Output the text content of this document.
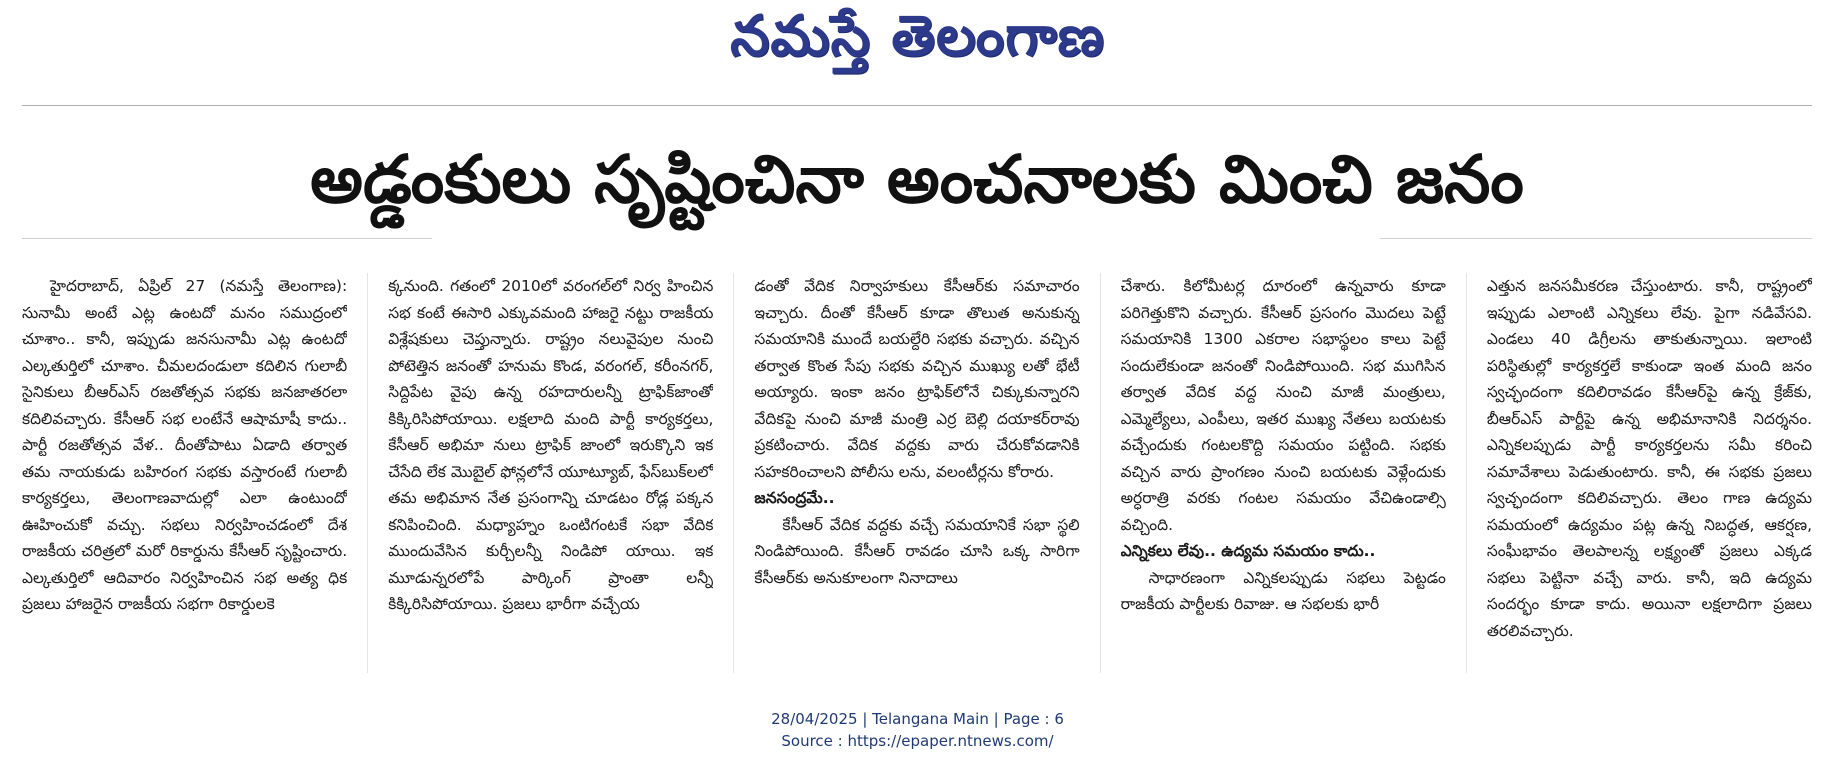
నమస్తే తెలంగాణ
అడ్డంకులు సృష్టించినా అంచనాలకు మించి జనం

హైదరాబాద్‌, ఏప్రిల్‌ 27 (నమస్తే తెలంగాణ): సునామీ అంటే ఎట్ల ఉంటదో మనం సముద్రంలో చూశాం.. కానీ, ఇప్పుడు జనసునామీ ఎట్ల ఉంటదో ఎల్కతుర్తిలో చూశాం. చీమలదండులా కదిలిన గులాబీ సైనికులు బీఆర్‌ఎస్‌ రజతోత్సవ సభకు జనజాతరలా కదిలివచ్చారు. కేసీఆర్‌ సభ లంటేనే ఆషామాషీ కాదు.. పార్టీ రజతోత్సవ వేళ.. దీంతోపాటు ఏడాది తర్వాత తమ నాయకుడు బహిరంగ సభకు వస్తారంటే గులాబీ కార్యకర్తలు, తెలంగాణవాదుల్లో ఎలా ఉంటుందో ఊహించుకో వచ్చు. సభలు నిర్వహించడంలో దేశ రాజకీయ చరిత్రలో మరో రికార్డును కేసీఆర్‌ సృష్టించారు. ఎల్కతుర్తిలో ఆదివారం నిర్వహించిన సభ అత్య ధిక ప్రజలు హాజరైన రాజకీయ సభగా రికార్డులకె

క్కనుంది. గతంలో 2010లో వరంగల్‌లో నిర్వ హించిన సభ కంటే ఈసారి ఎక్కువమంది హాజరై నట్టు రాజకీయ విశ్లేషకులు చెప్తున్నారు. రాష్ట్రం నలువైపుల నుంచి పోటెత్తిన జనంతో హనుమ కొండ, వరంగల్‌, కరీంనగర్‌, సిద్దిపేట వైపు ఉన్న రహదారులన్నీ ట్రాఫిక్‌జాంతో కిక్కిరిసిపోయాయి. లక్షలాది మంది పార్టీ కార్యకర్తలు, కేసీఆర్‌ అభిమా నులు ట్రాఫిక్‌ జాంలో ఇరుక్కొని ఇక చేసేది లేక మొబైల్‌ ఫోన్లలోనే యూట్యూబ్‌, ఫేస్‌బుక్‌లలో తమ అభిమాన నేత ప్రసంగాన్ని చూడటం రోడ్ల పక్కన కనిపించింది. మధ్యాహ్నం ఒంటిగంటకే సభా వేదిక ముందువేసిన కుర్చీలన్నీ నిండిపో యాయి. ఇక మూడున్నరలోపే పార్కింగ్‌ ప్రాంతా లన్నీ కిక్కిరిసిపోయాయి. ప్రజలు భారీగా వచ్చేయ

డంతో వేదిక నిర్వాహకులు కేసీఆర్‌కు సమాచారం ఇచ్చారు. దీంతో కేసీఆర్‌ కూడా తొలుత అనుకున్న సమయానికి ముందే బయల్దేరి సభకు వచ్చారు. వచ్చిన తర్వాత కొంత సేపు సభకు వచ్చిన ముఖ్యు లతో భేటీ అయ్యారు. ఇంకా జనం ట్రాఫిక్‌లోనే చిక్కుకున్నారని వేదికపై నుంచి మాజీ మంత్రి ఎర్ర బెల్లి దయాకర్‌రావు ప్రకటించారు. వేదిక వద్దకు వారు చేరుకోవడానికి సహకరించాలని పోలీసు లను, వలంటీర్లను కోరారు.

జనసంద్రమే..

కేసీఆర్‌ వేదిక వద్దకు వచ్చే సమయానికే సభా స్థలి నిండిపోయింది. కేసీఆర్‌ రావడం చూసి ఒక్క సారిగా కేసీఆర్‌కు అనుకూలంగా నినాదాలు

చేశారు. కిలోమీటర్ల దూరంలో ఉన్నవారు కూడా పరిగెత్తుకొని వచ్చారు. కేసీఆర్‌ ప్రసంగం మొదలు పెట్టే సమయానికి 1300 ఎకరాల సభాస్థలం కాలు పెట్టే సందులేకుండా జనంతో నిండిపోయింది. సభ ముగిసిన తర్వాత వేదిక వద్ద నుంచి మాజీ మంత్రులు, ఎమ్మెల్యేలు, ఎంపీలు, ఇతర ముఖ్య నేతలు బయటకు వచ్చేందుకు గంటలకొద్ది సమయం పట్టింది. సభకు వచ్చిన వారు ప్రాంగణం నుంచి బయటకు వెళ్లేందుకు అర్ధరాత్రి వరకు గంటల సమయం వేచిఉండాల్సి వచ్చింది.

ఎన్నికలు లేవు.. ఉద్యమ సమయం కాదు..

సాధారణంగా ఎన్నికలప్పుడు సభలు పెట్టడం రాజకీయ పార్టీలకు రివాజు. ఆ సభలకు భారీ

ఎత్తున జనసమీకరణ చేస్తుంటారు. కానీ, రాష్ట్రంలో ఇప్పుడు ఎలాంటి ఎన్నికలు లేవు. పైగా నడివేసవి. ఎండలు 40 డిగ్రీలను తాకుతున్నాయి. ఇలాంటి పరిస్థితుల్లో కార్యకర్తలే కాకుండా ఇంత మంది జనం స్వచ్ఛందంగా కదిలిరావడం కేసీఆర్‌పై ఉన్న క్రేజ్‌కు, బీఆర్‌ఎస్‌ పార్టీపై ఉన్న అభిమానానికి నిదర్శనం. ఎన్నికలప్పుడు పార్టీ కార్యకర్తలను సమీ కరించి సమావేశాలు పెడుతుంటారు. కానీ, ఈ సభకు ప్రజలు స్వచ్ఛందంగా కదిలివచ్చారు. తెలం గాణ ఉద్యమ సమయంలో ఉద్యమం పట్ల ఉన్న నిబద్ధత, ఆకర్షణ, సంఘీభావం తెలపాలన్న లక్ష్యంతో ప్రజలు ఎక్కడ సభలు పెట్టినా వచ్చే వారు. కానీ, ఇది ఉద్యమ సందర్భం కూడా కాదు. అయినా లక్షలాదిగా ప్రజలు తరలివచ్చారు.

28/04/2025 | Telangana Main | Page : 6
Source : https://epaper.ntnews.com/
